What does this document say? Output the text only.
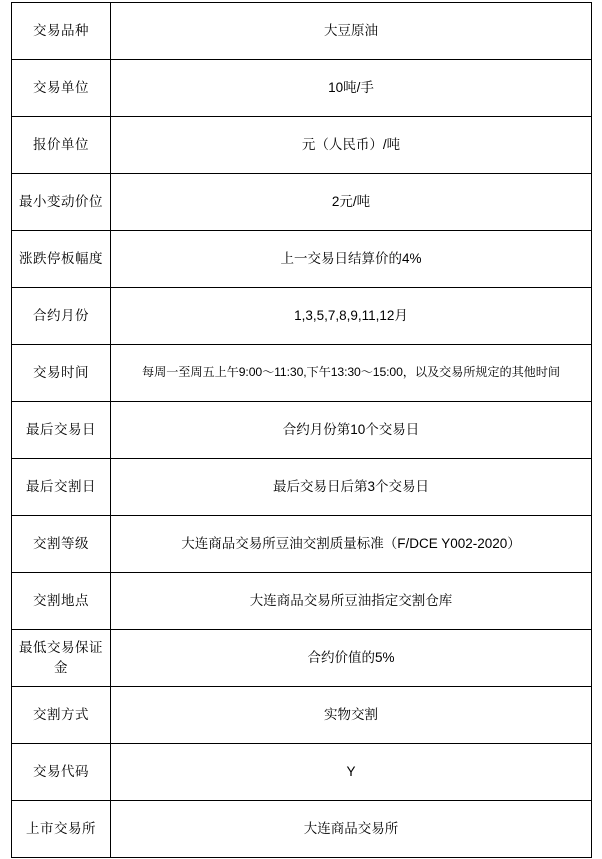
交易品种	大豆原油
交易单位	10吨/手
报价单位	元（人民币）/吨
最小变动价位	2元/吨
涨跌停板幅度	上一交易日结算价的4%
合约月份	1,3,5,7,8,9,11,12月
交易时间	每周一至周五上午9:00～11:30,下午13:30～15:00，以及交易所规定的其他时间
最后交易日	合约月份第10个交易日
最后交割日	最后交易日后第3个交易日
交割等级	大连商品交易所豆油交割质量标准（F/DCE Y002-2020）
交割地点	大连商品交易所豆油指定交割仓库
最低交易保证金	合约价值的5%
交割方式	实物交割
交易代码	Y
上市交易所	大连商品交易所
